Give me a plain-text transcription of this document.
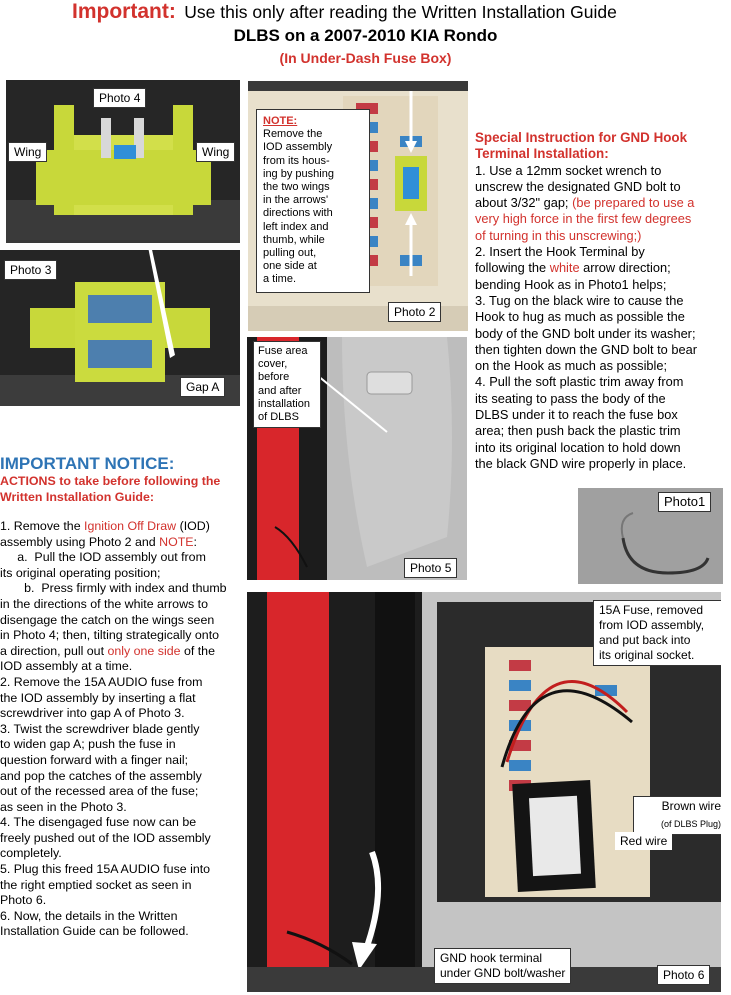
Important: Use this only after reading the Written Installation Guide
DLBS on a 2007-2010 KIA Rondo
(In Under-Dash Fuse Box)
Photo 4
Wing	Wing
Photo 3
Gap A
NOTE:
Remove the
IOD assembly
from its hous-
ing by pushing
the two wings
in the arrows'
directions with
left index and
thumb, while
pulling out,
one side at
a time.
Photo 2
Special Instruction for GND Hook
Terminal Installation:
1. Use a 12mm socket wrench to
unscrew the designated GND bolt to
about 3/32" gap; (be prepared to use a
very high force in the first few degrees
of turning in this unscrewing;)
2. Insert the Hook Terminal by
following the white arrow direction;
bending Hook as in Photo1 helps;
3. Tug on the black wire to cause the
Hook to hug as much as possible the
body of the GND bolt under its washer;
then tighten down the GND bolt to bear
on the Hook as much as possible;
4. Pull the soft plastic trim away from
its seating to pass the body of the
DLBS under it to reach the fuse box
area; then push back the plastic trim
into its original location to hold down
the black GND wire properly in place.
Fuse area
cover,
before
and after
installation
of DLBS
Photo 5
IMPORTANT NOTICE:
ACTIONS to take before following the
Written Installation Guide:
1. Remove the Ignition Off Draw (IOD)
assembly using Photo 2 and NOTE:
a.  Pull the IOD assembly out from
its original operating position;
b.  Press firmly with index and thumb
in the directions of the white arrows to
disengage the catch on the wings seen
in Photo 4; then, tilting strategically onto
a direction, pull out only one side of the
IOD assembly at a time.
2. Remove the 15A AUDIO fuse from
the IOD assembly by inserting a flat
screwdriver into gap A of Photo 3.
3. Twist the screwdriver blade gently
to widen gap A; push the fuse in
question forward with a finger nail;
and pop the catches of the assembly
out of the recessed area of the fuse;
as seen in the Photo 3.
4. The disengaged fuse now can be
freely pushed out of the IOD assembly
completely.
5. Plug this freed 15A AUDIO fuse into
the right emptied socket as seen in
Photo 6.
6. Now, the details in the Written
Installation Guide can be followed.
Photo1
15A Fuse, removed
from IOD assembly,
and put back into
its original socket.
Brown wire
(of DLBS Plug)
Red wire
GND hook terminal
under GND bolt/washer	Photo 6
